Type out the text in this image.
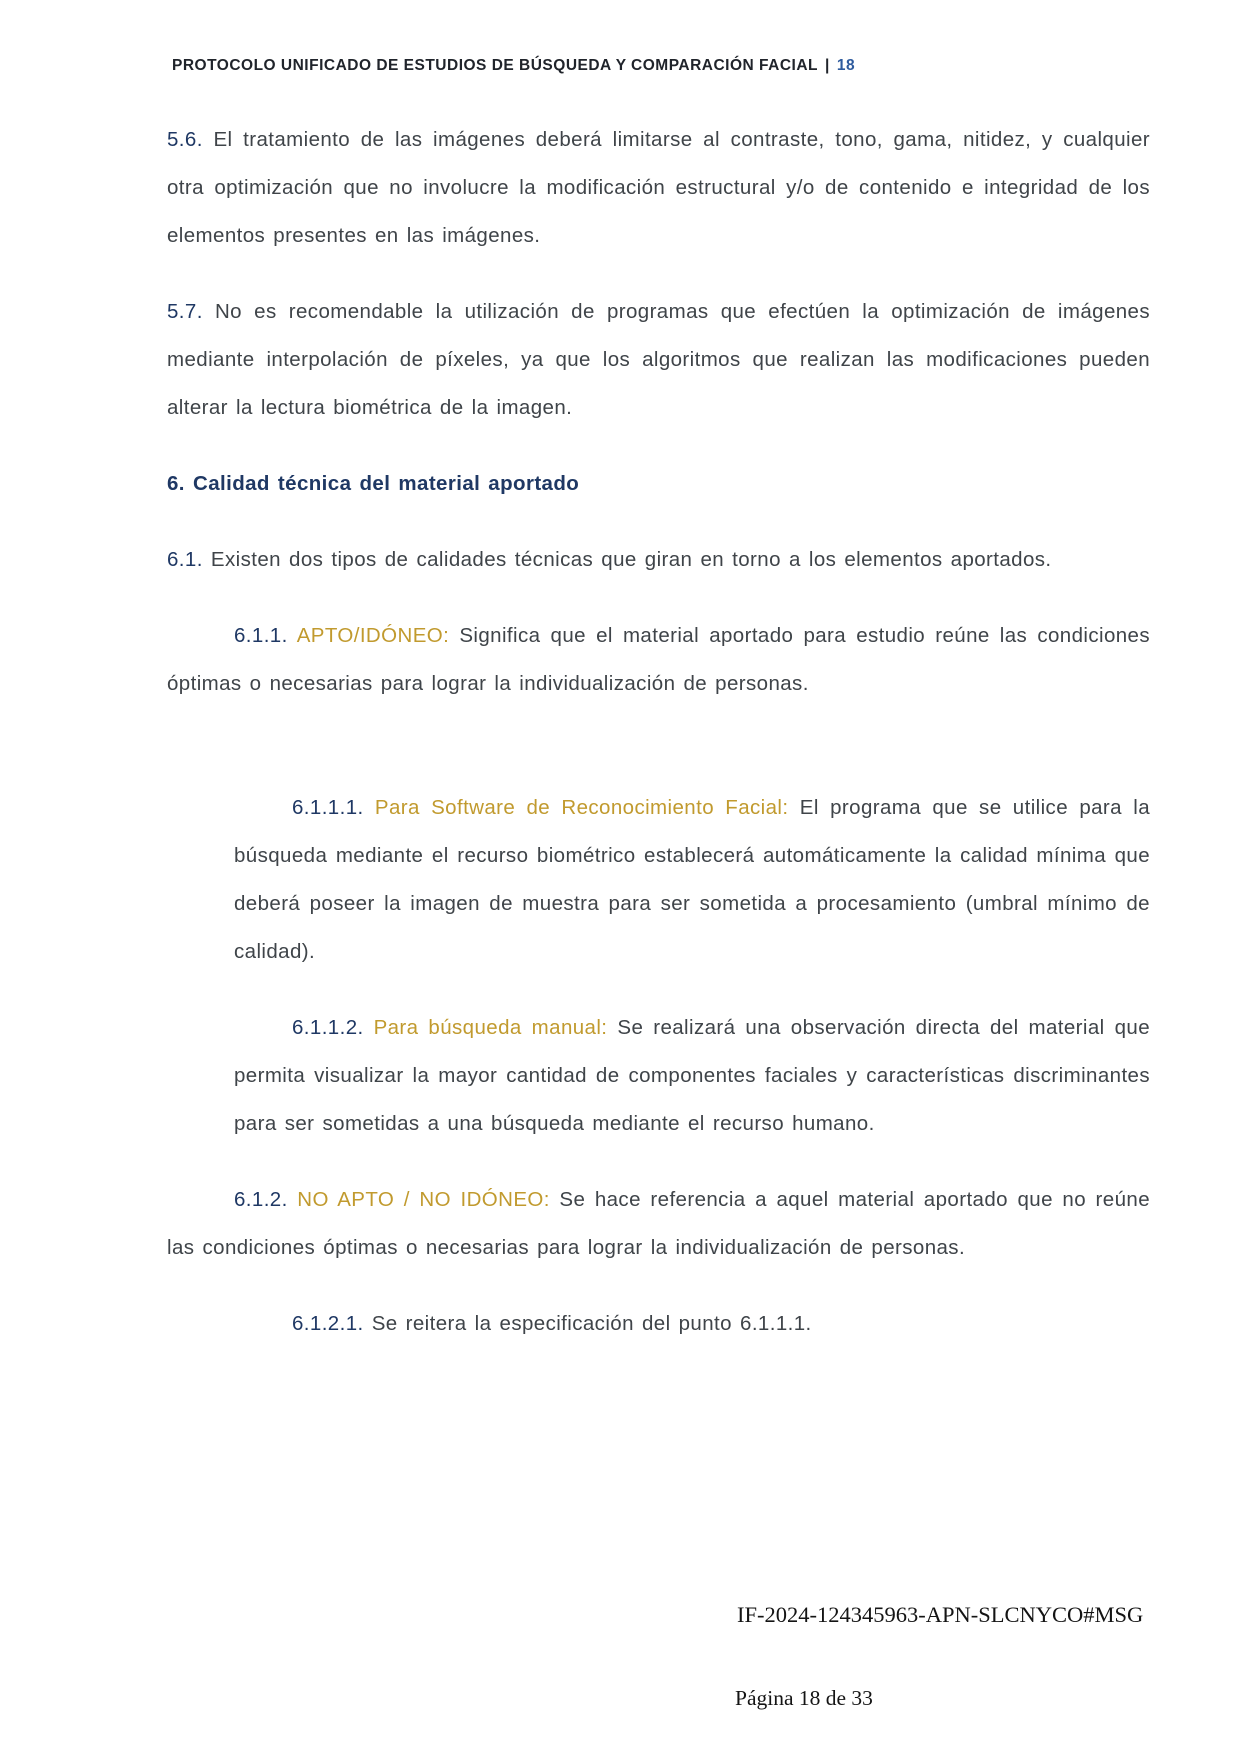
PROTOCOLO UNIFICADO DE ESTUDIOS DE BÚSQUEDA Y COMPARACIÓN FACIAL | 18

5.6. El tratamiento de las imágenes deberá limitarse al contraste, tono, gama, nitidez, y cualquier otra optimización que no involucre la modificación estructural y/o de contenido e integridad de los elementos presentes en las imágenes.

5.7. No es recomendable la utilización de programas que efectúen la optimización de imágenes mediante interpolación de píxeles, ya que los algoritmos que realizan las modificaciones pueden alterar la lectura biométrica de la imagen.

6. Calidad técnica del material aportado

6.1. Existen dos tipos de calidades técnicas que giran en torno a los elementos aportados.

6.1.1. APTO/IDÓNEO: Significa que el material aportado para estudio reúne las condiciones óptimas o necesarias para lograr la individualización de personas.

6.1.1.1. Para Software de Reconocimiento Facial: El programa que se utilice para la búsqueda mediante el recurso biométrico establecerá automáticamente la calidad mínima que deberá poseer la imagen de muestra para ser sometida a procesamiento (umbral mínimo de calidad).

6.1.1.2. Para búsqueda manual: Se realizará una observación directa del material que permita visualizar la mayor cantidad de componentes faciales y características discriminantes para ser sometidas a una búsqueda mediante el recurso humano.

6.1.2. NO APTO / NO IDÓNEO: Se hace referencia a aquel material aportado que no reúne las condiciones óptimas o necesarias para lograr la individualización de personas.

6.1.2.1. Se reitera la especificación del punto 6.1.1.1.

IF-2024-124345963-APN-SLCNYCO#MSG
Página 18 de 33
